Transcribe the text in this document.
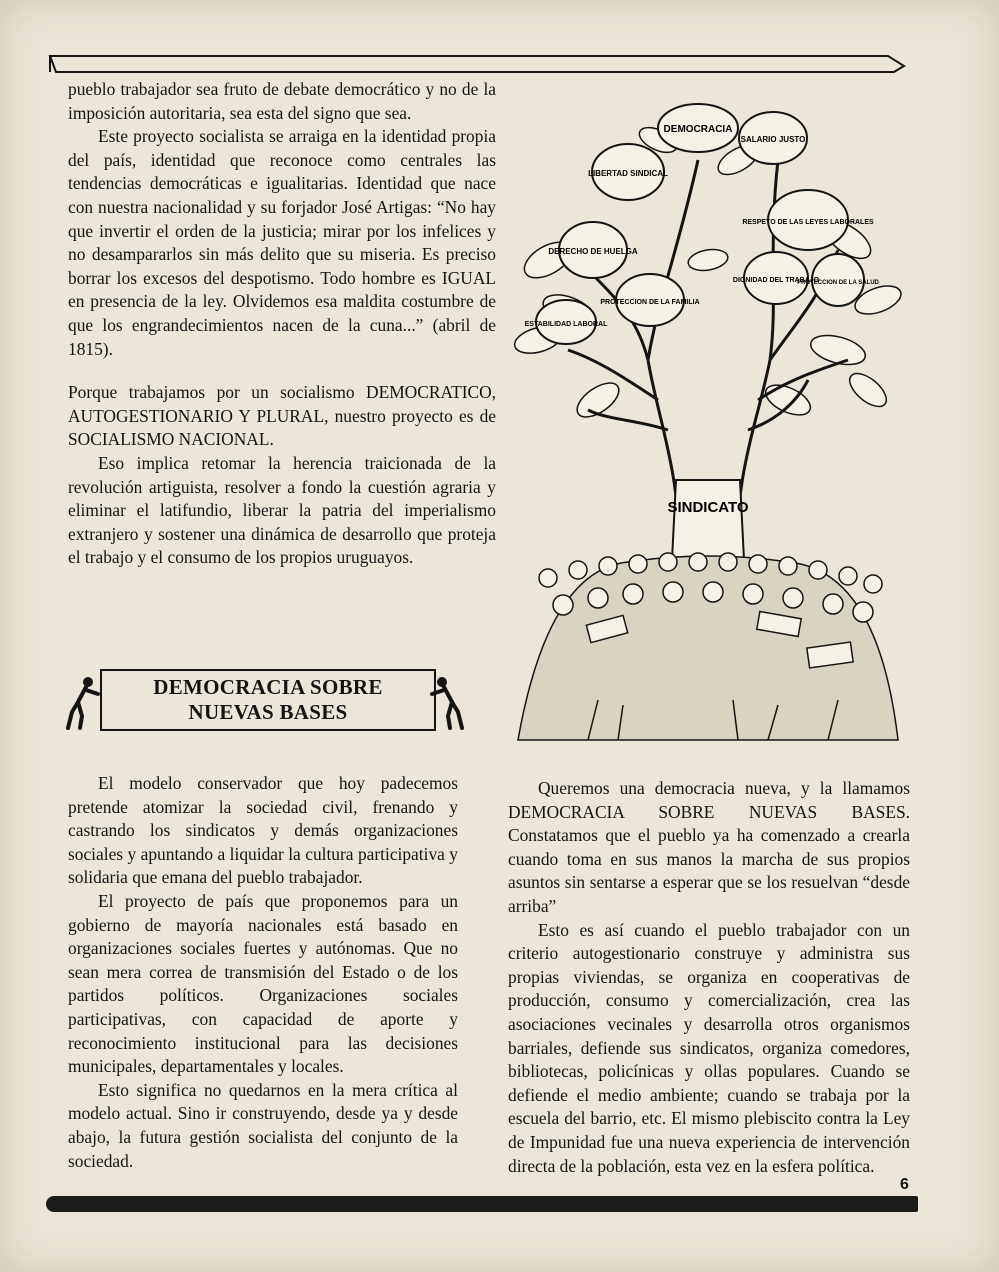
pueblo trabajador sea fruto de debate democrático y no de la imposición autoritaria, sea esta del signo que sea.

Este proyecto socialista se arraiga en la identidad propia del país, identidad que reconoce como centrales las tendencias democráticas e igualitarias. Identidad que nace con nuestra nacionalidad y su forjador José Artigas: “No hay que invertir el orden de la justicia; mirar por los infelices y no desampararlos sin más delito que su miseria. Es preciso borrar los excesos del despotismo. Todo hombre es IGUAL en presencia de la ley. Olvidemos esa maldita costumbre de que los engrandecimientos nacen de la cuna...” (abril de 1815).

Porque trabajamos por un socialismo DEMOCRATICO, AUTOGESTIONARIO Y PLURAL, nuestro proyecto es de SOCIALISMO NACIONAL.

Eso implica retomar la herencia traicionada de la revolución artiguista, resolver a fondo la cuestión agraria y eliminar el latifundio, liberar la patria del imperialismo extranjero y sostener una dinámica de desarrollo que proteja el trabajo y el consumo de los propios uruguayos.

DEMOCRACIA SOBRE
NUEVAS BASES

El modelo conservador que hoy padecemos pretende atomizar la sociedad civil, frenando y castrando los sindicatos y demás organizaciones sociales y apuntando a liquidar la cultura participativa y solidaria que emana del pueblo trabajador.

El proyecto de país que proponemos para un gobierno de mayoría nacionales está basado en organizaciones sociales fuertes y autónomas. Que no sean mera correa de transmisión del Estado o de los partidos políticos. Organizaciones sociales participativas, con capacidad de aporte y reconocimiento institucional para las decisiones municipales, departamentales y locales.

Esto significa no quedarnos en la mera crítica al modelo actual. Sino ir construyendo, desde ya y desde abajo, la futura gestión socialista del conjunto de la sociedad.

Queremos una democracia nueva, y la llamamos DEMOCRACIA SOBRE NUEVAS BASES. Constatamos que el pueblo ya ha comenzado a crearla cuando toma en sus manos la marcha de sus propios asuntos sin sentarse a esperar que se los resuelvan “desde arriba”

Esto es así cuando el pueblo trabajador con un criterio autogestionario construye y administra sus propias viviendas, se organiza en cooperativas de producción, consumo y comercialización, crea las asociaciones vecinales y desarrolla otros organismos barriales, defiende sus sindicatos, organiza comedores, bibliotecas, policínicas y ollas populares. Cuando se defiende el medio ambiente; cuando se trabaja por la escuela del barrio, etc. El mismo plebiscito contra la Ley de Impunidad fue una nueva experiencia de intervención directa de la población, esta vez en la esfera política.

SINDICATO
DEMOCRACIA
SALARIO JUSTO
LIBERTAD SINDICAL
RESPETO DE LAS LEYES LABORALES
DERECHO DE HUELGA
DIGNIDAD DEL TRABAJO
PROTECCION DE LA SALUD
PROTECCION DE LA FAMILIA
ESTABILIDAD LABORAL
6
